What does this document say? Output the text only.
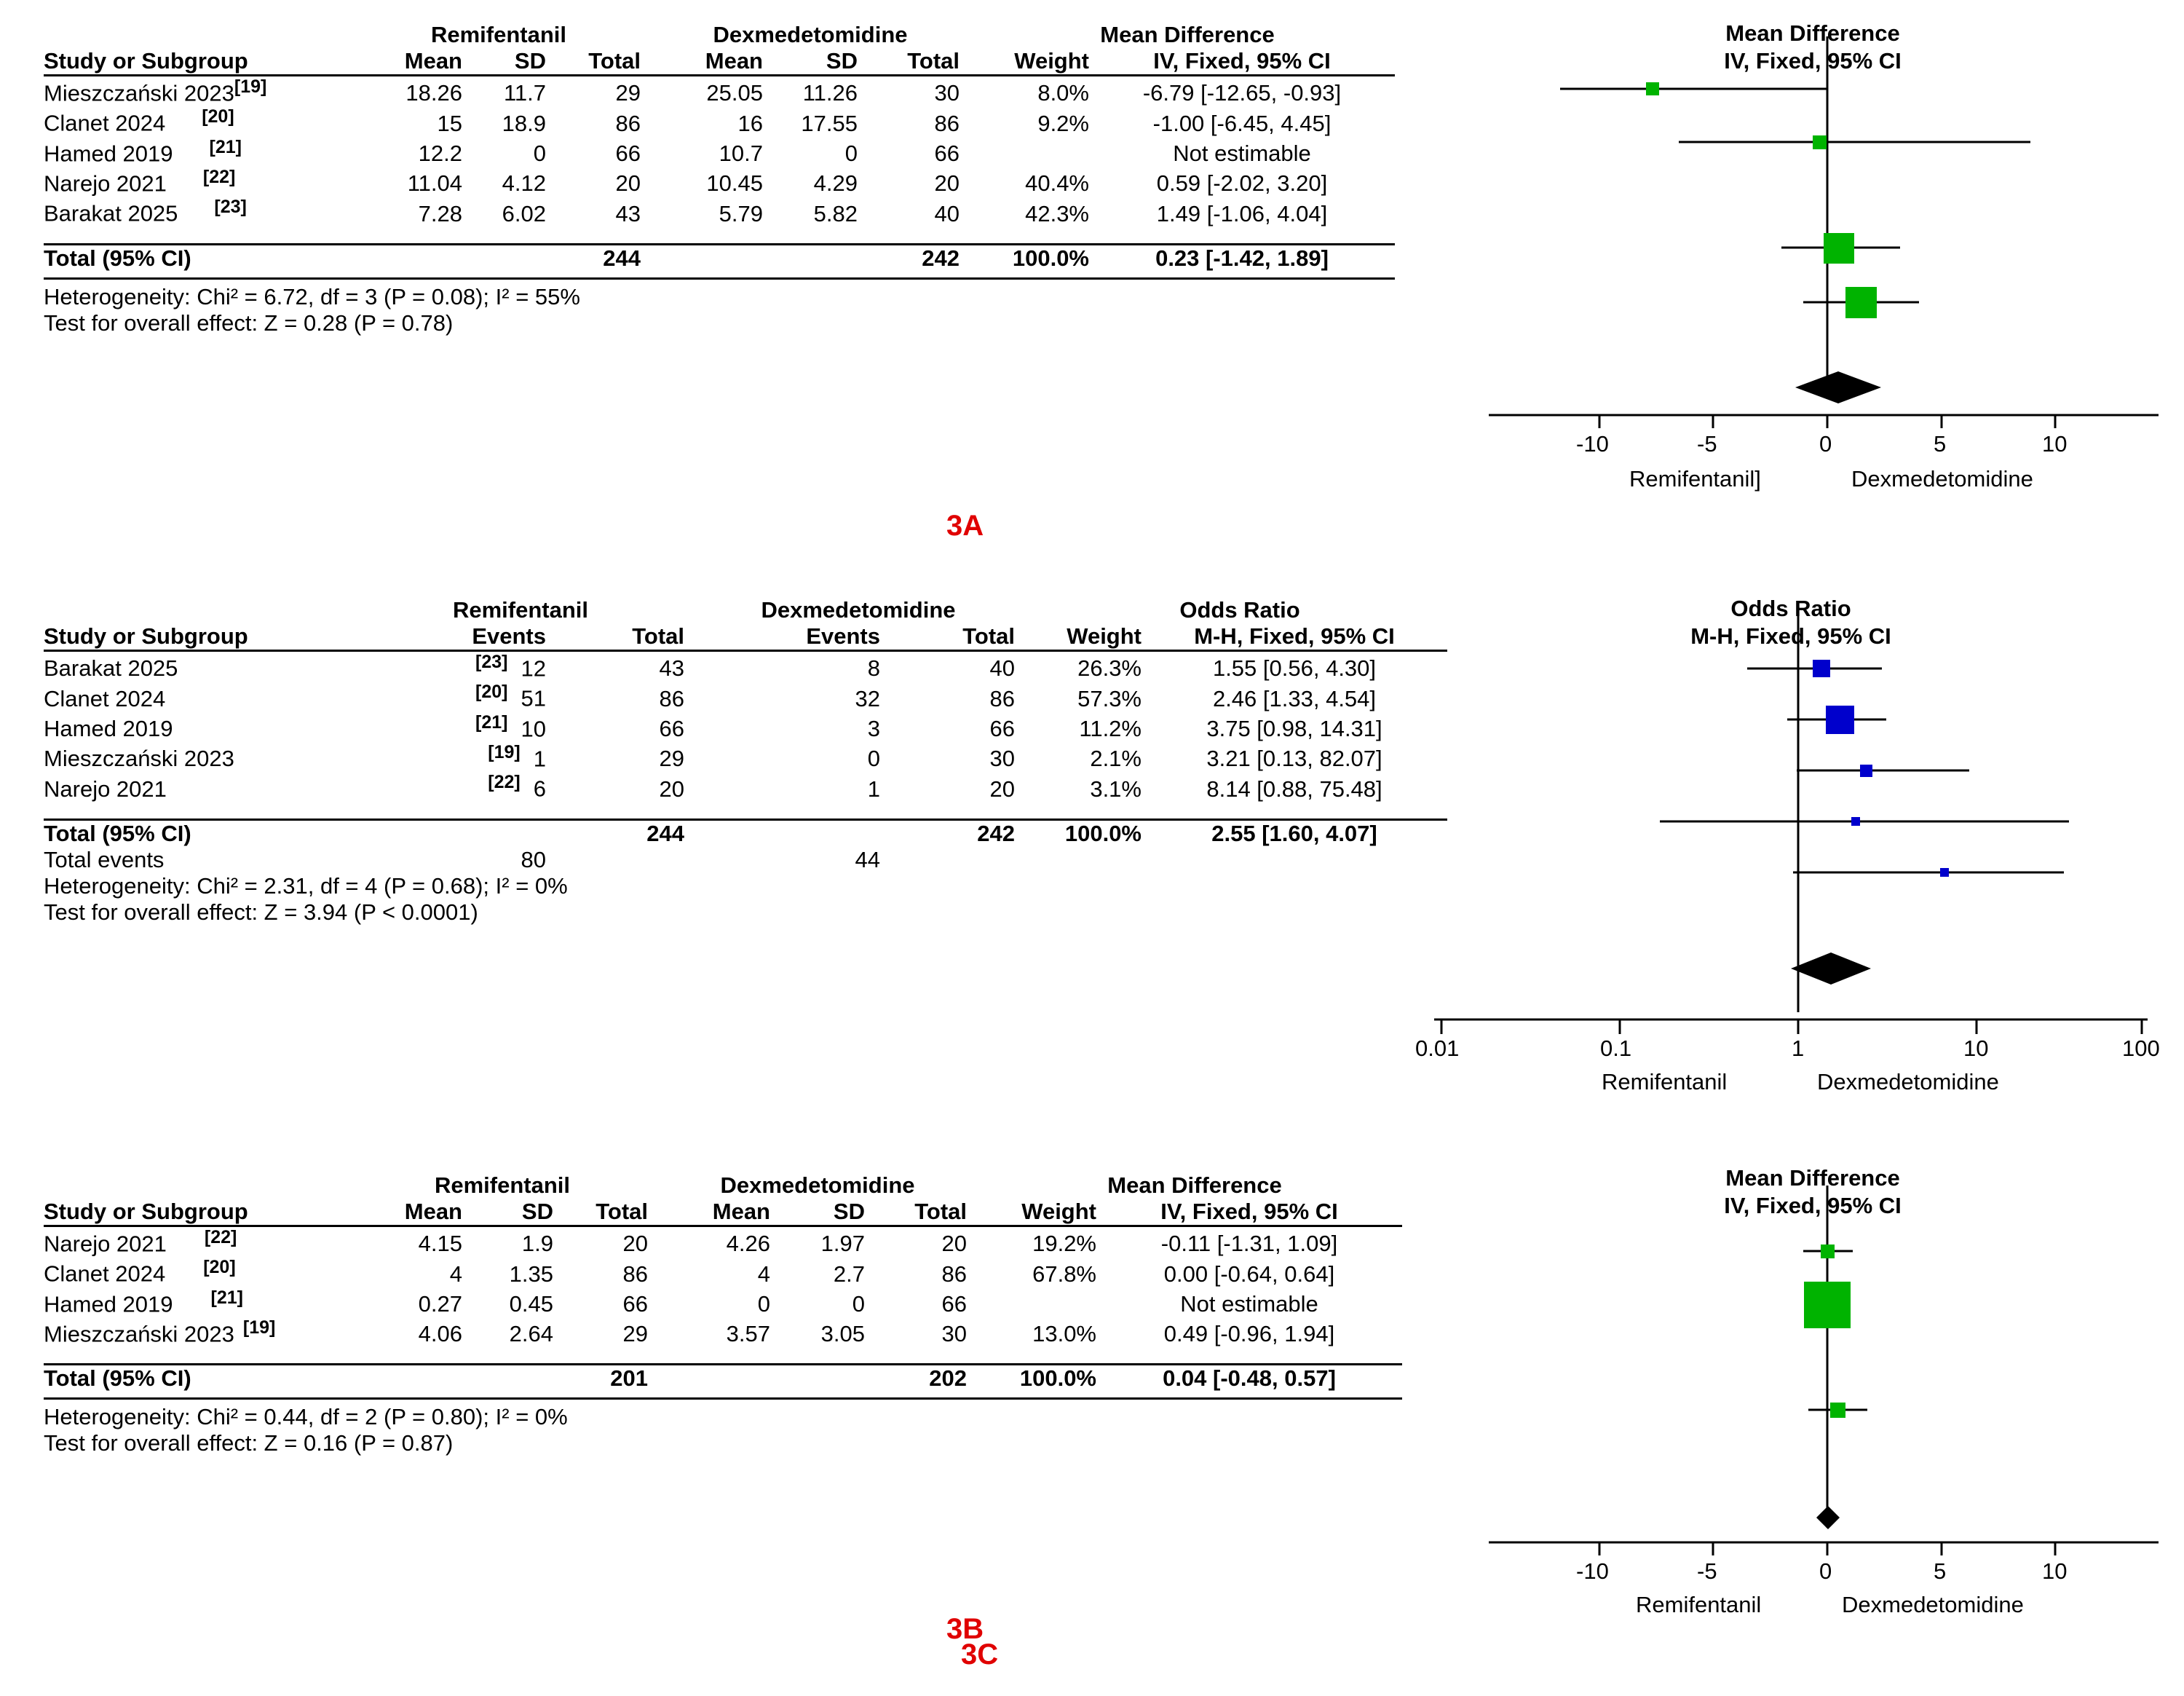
	Remifentanil				Dexmedetomidine				Mean Difference	
Study or Subgroup	Mean	SD	Total		Mean	SD	Total		Weight	IV, Fixed, 95% CI
Mieszczański 2023[19]	18.26	11.7	29		25.05	11.26	30		8.0%	-6.79 [-12.65, -0.93]
Clanet 2024 [20]	15	18.9	86		16	17.55	86		9.2%	-1.00 [-6.45, 4.45]
Hamed 2019 [21]	12.2	0	66		10.7	0	66			Not estimable
Narejo 2021 [22]	11.04	4.12	20		10.45	4.29	20		40.4%	0.59 [-2.02, 3.20]
Barakat 2025 [23]	7.28	6.02	43		5.79	5.82	40		42.3%	1.49 [-1.06, 4.04]

Total (95% CI)			244				242		100.0%	0.23 [-1.42, 1.89]

Heterogeneity: Chi² = 6.72, df = 3 (P = 0.08); I² = 55%										
Test for overall effect: Z = 0.28 (P = 0.78)										
Mean Difference
IV, Fixed, 95% CI
-10	-5	0	5	10
Remifentanil]	Dexmedetomidine
3A
	Remifentanil			Dexmedetomidine			Odds Ratio	
Study or Subgroup	Events	Total		Events	Total		Weight	M-H, Fixed, 95% CI
Barakat 2025	[23] 12	43		8	40		26.3%	1.55 [0.56, 4.30]
Clanet 2024	[20] 51	86		32	86		57.3%	2.46 [1.33, 4.54]
Hamed 2019	[21] 10	66		3	66		11.2%	3.75 [0.98, 14.31]
Mieszczański 2023	[19] 1	29		0	30		2.1%	3.21 [0.13, 82.07]
Narejo 2021	[22] 6	20		1	20		3.1%	8.14 [0.88, 75.48]

Total (95% CI)		244			242		100.0%	2.55 [1.60, 4.07]
Total events	80			44				
Heterogeneity: Chi² = 2.31, df = 4 (P = 0.68); I² = 0%								
Test for overall effect: Z = 3.94 (P < 0.0001)								
Odds Ratio
M-H, Fixed, 95% CI
0.01	0.1	1	10	100
Remifentanil	Dexmedetomidine
3B
	Remifentanil				Dexmedetomidine				Mean Difference	
Study or Subgroup	Mean	SD	Total		Mean	SD	Total		Weight	IV, Fixed, 95% CI
Narejo 2021 [22]	4.15	1.9	20		4.26	1.97	20		19.2%	-0.11 [-1.31, 1.09]
Clanet 2024 [20]	4	1.35	86		4	2.7	86		67.8%	0.00 [-0.64, 0.64]
Hamed 2019 [21]	0.27	0.45	66		0	0	66			Not estimable
Mieszczański 2023 [19]	4.06	2.64	29		3.57	3.05	30		13.0%	0.49 [-0.96, 1.94]

Total (95% CI)			201				202		100.0%	0.04 [-0.48, 0.57]

Heterogeneity: Chi² = 0.44, df = 2 (P = 0.80); I² = 0%										
Test for overall effect: Z = 0.16 (P = 0.87)										
Mean Difference
IV, Fixed, 95% CI
-10	-5	0	5	10
Remifentanil	Dexmedetomidine
3C
